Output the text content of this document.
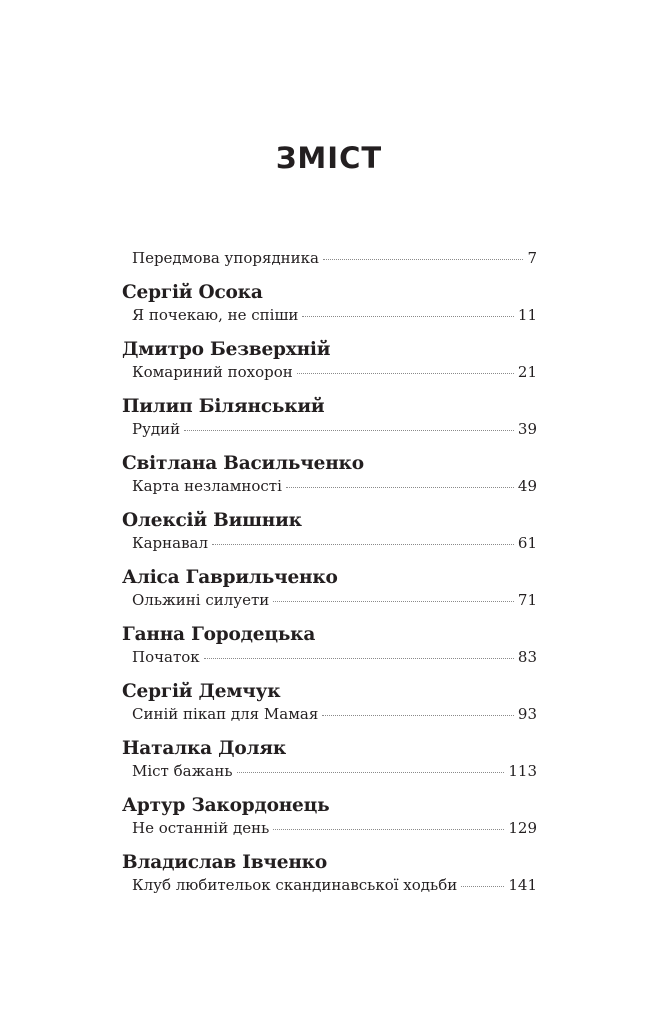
ЗМІСТ
Передмова упорядника	7
Сергій Осока
Я почекаю, не спіши	11
Дмитро Безверхній
Комариний похорон	21
Пилип Білянський
Рудий	39
Світлана Васильченко
Карта незламності	49
Олексій Вишник
Карнавал	61
Аліса Гаврильченко
Ольжині силуети	71
Ганна Городецька
Початок	83
Сергій Демчук
Синій пікап для Мамая	93
Наталка Доляк
Міст бажань	113
Артур Закордонець
Не останній день	129
Владислав Івченко
Клуб любительок скандинавської ходьби	141
